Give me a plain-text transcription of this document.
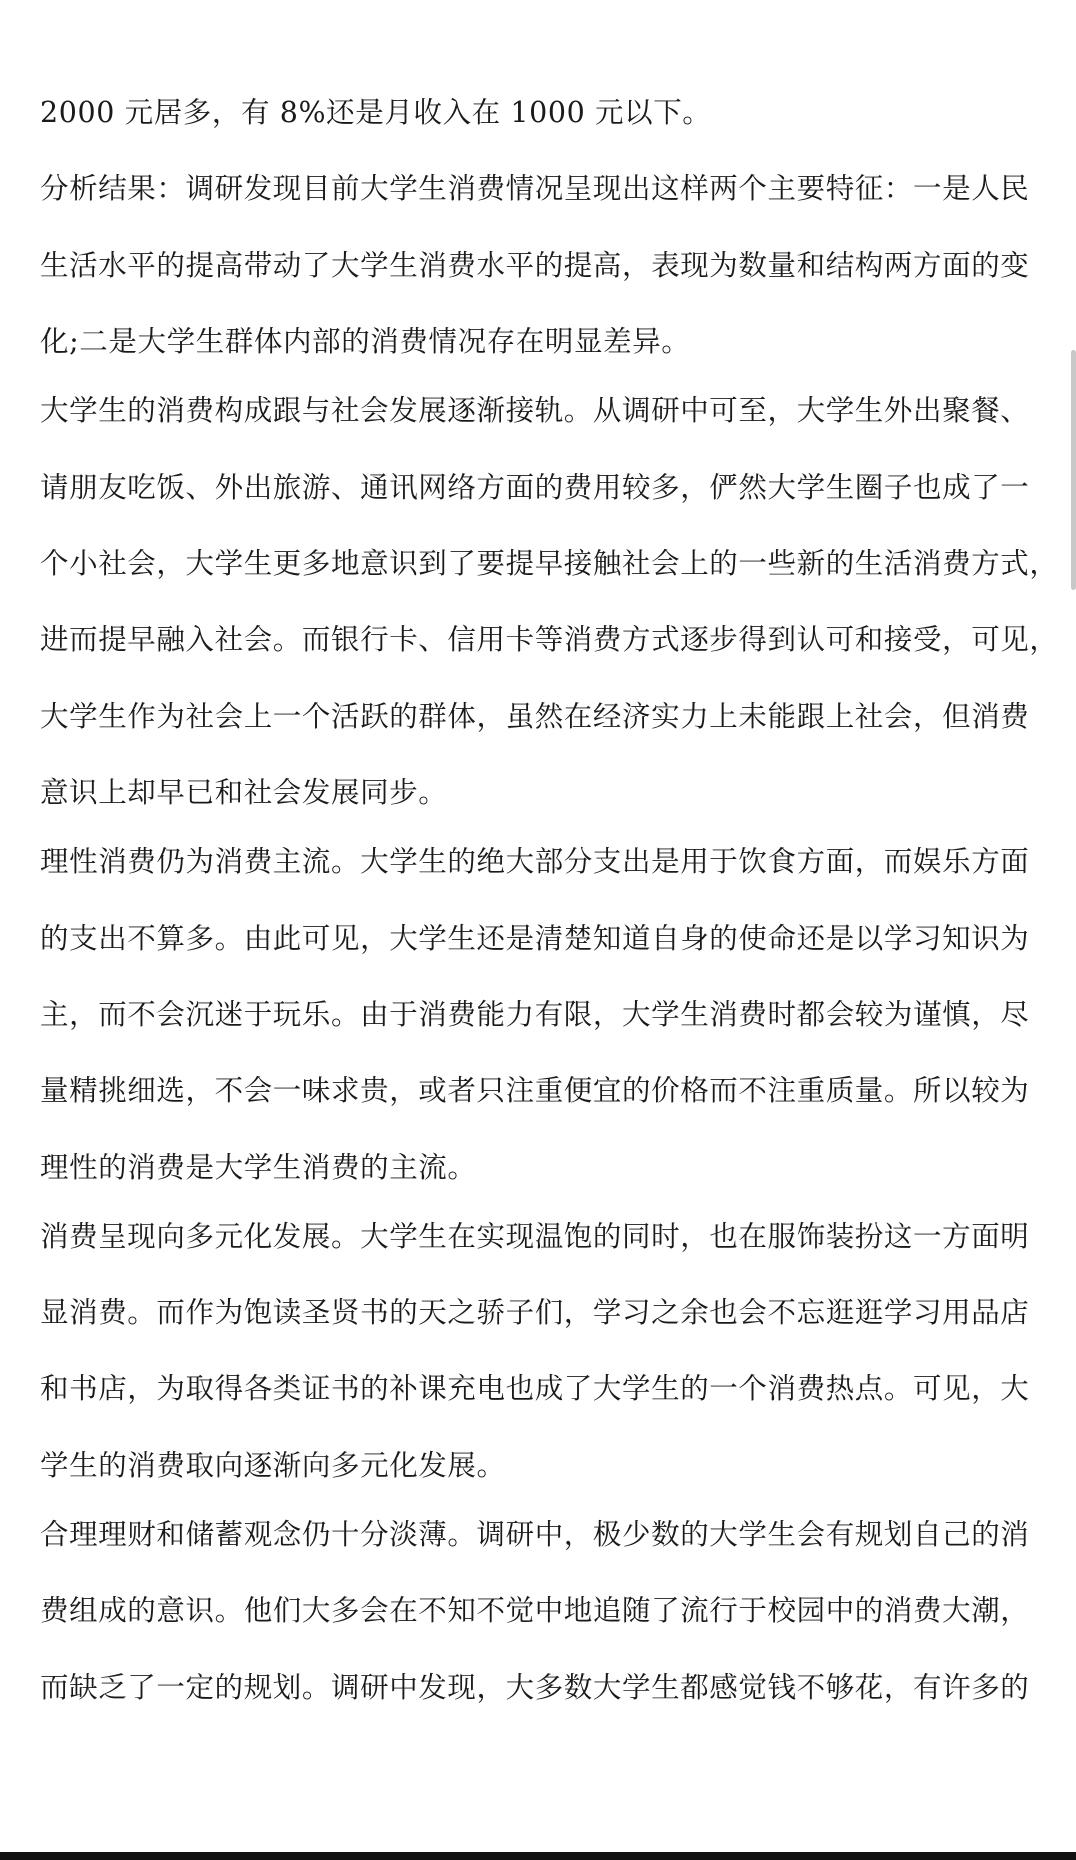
2000 元居多，有 8%还是月收入在 1000 元以下。
分析结果：调研发现目前大学生消费情况呈现出这样两个主要特征：一是人民
生活水平的提高带动了大学生消费水平的提高，表现为数量和结构两方面的变
化;二是大学生群体内部的消费情况存在明显差异。
大学生的消费构成跟与社会发展逐渐接轨。从调研中可至，大学生外出聚餐、
请朋友吃饭、外出旅游、通讯网络方面的费用较多，俨然大学生圈子也成了一
个小社会，大学生更多地意识到了要提早接触社会上的一些新的生活消费方式，
进而提早融入社会。而银行卡、信用卡等消费方式逐步得到认可和接受，可见，
大学生作为社会上一个活跃的群体，虽然在经济实力上未能跟上社会，但消费
意识上却早已和社会发展同步。
理性消费仍为消费主流。大学生的绝大部分支出是用于饮食方面，而娱乐方面
的支出不算多。由此可见，大学生还是清楚知道自身的使命还是以学习知识为
主，而不会沉迷于玩乐。由于消费能力有限，大学生消费时都会较为谨慎，尽
量精挑细选，不会一味求贵，或者只注重便宜的价格而不注重质量。所以较为
理性的消费是大学生消费的主流。
消费呈现向多元化发展。大学生在实现温饱的同时，也在服饰装扮这一方面明
显消费。而作为饱读圣贤书的天之骄子们，学习之余也会不忘逛逛学习用品店
和书店，为取得各类证书的补课充电也成了大学生的一个消费热点。可见，大
学生的消费取向逐渐向多元化发展。
合理理财和储蓄观念仍十分淡薄。调研中，极少数的大学生会有规划自己的消
费组成的意识。他们大多会在不知不觉中地追随了流行于校园中的消费大潮，
而缺乏了一定的规划。调研中发现，大多数大学生都感觉钱不够花，有许多的
